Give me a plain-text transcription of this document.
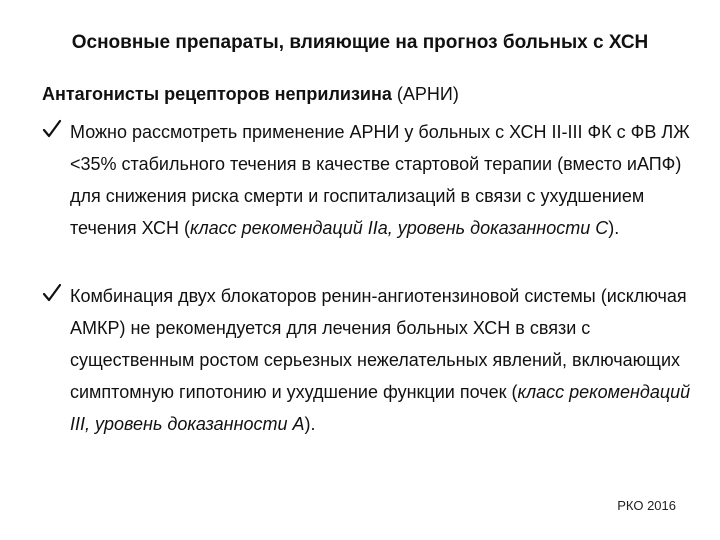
Основные препараты, влияющие на прогноз больных с ХСН
Антагонисты рецепторов неприлизина (АРНИ)
Можно рассмотреть применение АРНИ у больных с ХСН II-III ФК с ФВ ЛЖ <35% стабильного течения в качестве стартовой терапии (вместо иАПФ) для снижения риска смерти и госпитализаций в связи с ухудшением течения ХСН (класс рекомендаций IIa, уровень доказанности С).
Комбинация двух блокаторов ренин-ангиотензиновой системы (исключая АМКР) не рекомендуется для лечения больных ХСН в связи с существенным ростом серьезных нежелательных явлений, включающих симптомную гипотонию и ухудшение функции почек (класс рекомендаций III, уровень доказанности А).
РКО 2016
